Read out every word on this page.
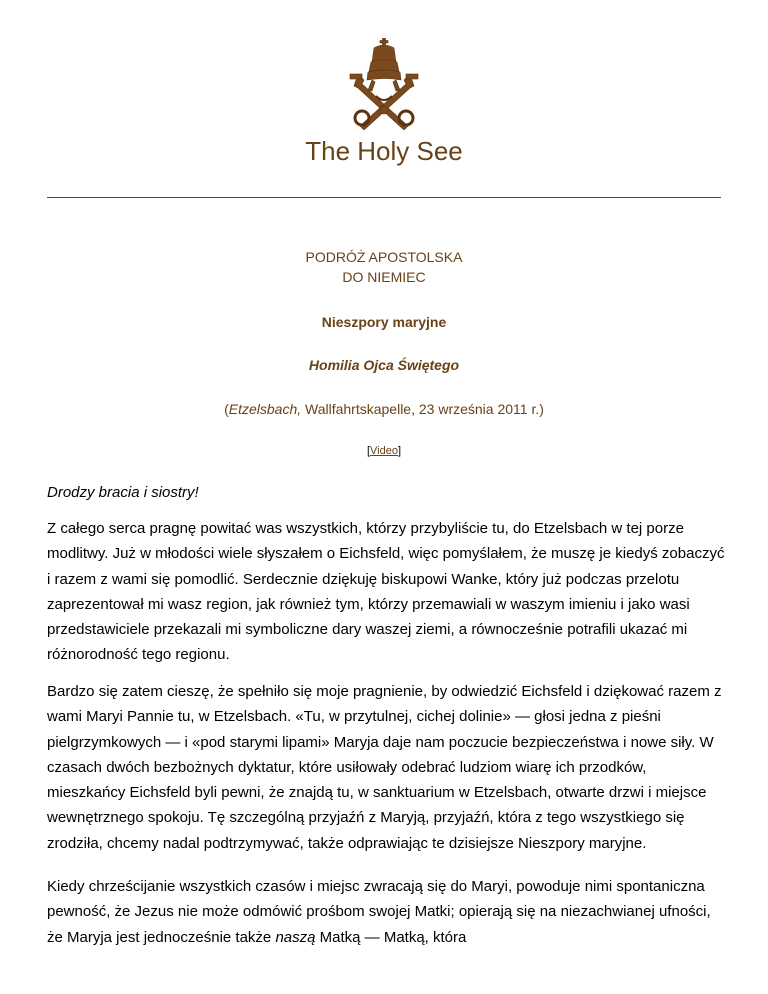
The Holy See
PODRÓŻ APOSTOLSKA
DO NIEMIEC
Nieszpory maryjne
Homilia Ojca Świętego
(Etzelsbach, Wallfahrtskapelle, 23 września 2011 r.)
[Video]
Drodzy bracia i siostry!

Z całego serca pragnę powitać was wszystkich, którzy przybyliście tu, do Etzelsbach w tej porze modlitwy. Już w młodości wiele słyszałem o Eichsfeld, więc pomyślałem, że muszę je kiedyś zobaczyć i razem z wami się pomodlić. Serdecznie dziękuję biskupowi Wanke, który już podczas przelotu zaprezentował mi wasz region, jak również tym, którzy przemawiali w waszym imieniu i jako wasi przedstawiciele przekazali mi symboliczne dary waszej ziemi, a równocześnie potrafili ukazać mi różnorodność tego regionu.

Bardzo się zatem cieszę, że spełniło się moje pragnienie, by odwiedzić Eichsfeld i dziękować razem z wami Maryi Pannie tu, w Etzelsbach. «Tu, w przytulnej, cichej dolinie» — głosi jedna z pieśni pielgrzymkowych — i «pod starymi lipami» Maryja daje nam poczucie bezpieczeństwa i nowe siły. W czasach dwóch bezbożnych dyktatur, które usiłowały odebrać ludziom wiarę ich przodków, mieszkańcy Eichsfeld byli pewni, że znajdą tu, w sanktuarium w Etzelsbach, otwarte drzwi i miejsce wewnętrznego spokoju. Tę szczególną przyjaźń z Maryją, przyjaźń, która z tego wszystkiego się zrodziła, chcemy nadal podtrzymywać, także odprawiając te dzisiejsze Nieszpory maryjne.

Kiedy chrześcijanie wszystkich czasów i miejsc zwracają się do Maryi, powoduje nimi spontaniczna pewność, że Jezus nie może odmówić prośbom swojej Matki; opierają się na niezachwianej ufności, że Maryja jest jednocześnie także naszą Matką — Matką, która
